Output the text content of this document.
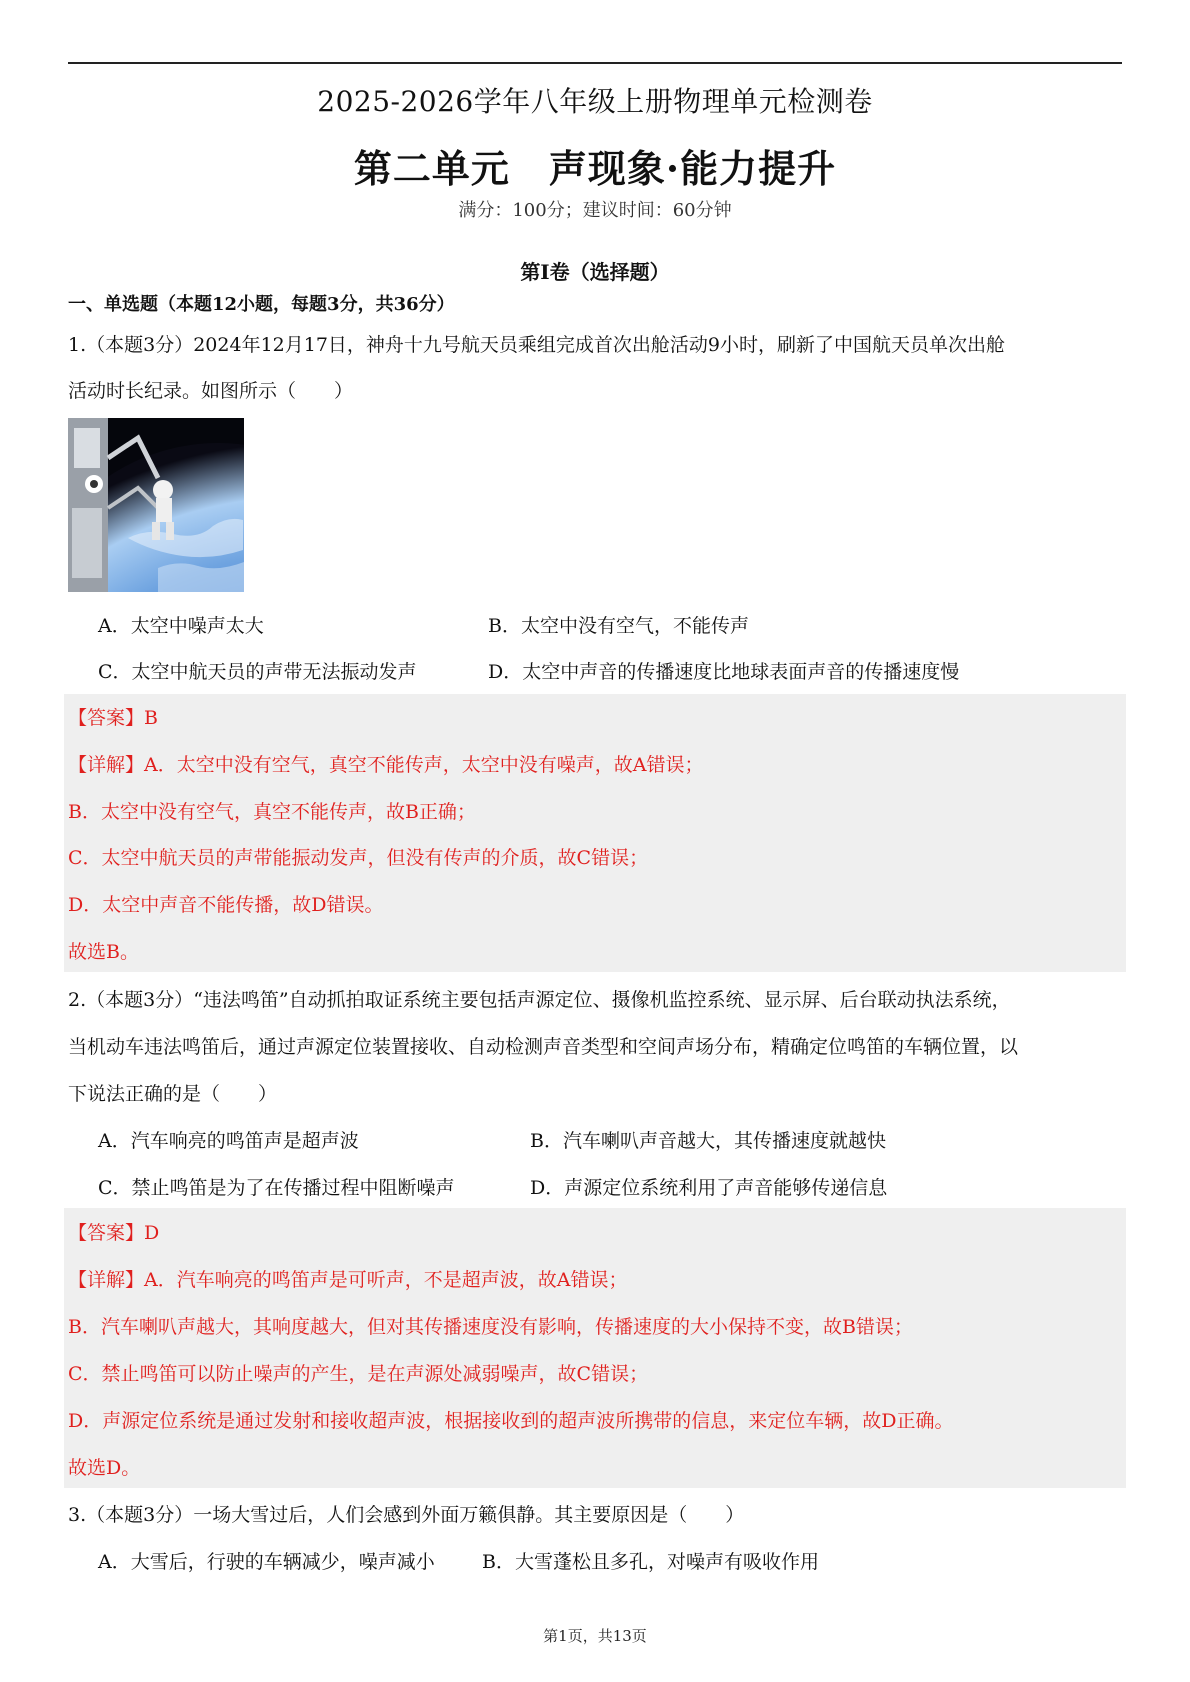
2025-2026学年八年级上册物理单元检测卷
第二单元　声现象·能力提升
满分：100分；建议时间：60分钟
第Ⅰ卷（选择题）
一、单选题（本题12小题，每题3分，共36分）
1.（本题3分）2024年12月17日，神舟十九号航天员乘组完成首次出舱活动9小时，刷新了中国航天员单次出舱
活动时长纪录。如图所示（　　）
A．太空中噪声太大	B．太空中没有空气，不能传声
C．太空中航天员的声带无法振动发声	D．太空中声音的传播速度比地球表面声音的传播速度慢
【答案】B
【详解】A．太空中没有空气，真空不能传声，太空中没有噪声，故A错误；
B．太空中没有空气，真空不能传声，故B正确；
C．太空中航天员的声带能振动发声，但没有传声的介质，故C错误；
D．太空中声音不能传播，故D错误。
故选B。
2.（本题3分）“违法鸣笛”自动抓拍取证系统主要包括声源定位、摄像机监控系统、显示屏、后台联动执法系统，
当机动车违法鸣笛后，通过声源定位装置接收、自动检测声音类型和空间声场分布，精确定位鸣笛的车辆位置，以
下说法正确的是（　　）
A．汽车响亮的鸣笛声是超声波	B．汽车喇叭声音越大，其传播速度就越快
C．禁止鸣笛是为了在传播过程中阻断噪声	D．声源定位系统利用了声音能够传递信息
【答案】D
【详解】A．汽车响亮的鸣笛声是可听声，不是超声波，故A错误；
B．汽车喇叭声越大，其响度越大，但对其传播速度没有影响，传播速度的大小保持不变，故B错误；
C．禁止鸣笛可以防止噪声的产生，是在声源处减弱噪声，故C错误；
D．声源定位系统是通过发射和接收超声波，根据接收到的超声波所携带的信息，来定位车辆，故D正确。
故选D。
3.（本题3分）一场大雪过后，人们会感到外面万籁俱静。其主要原因是（　　）
A．大雪后，行驶的车辆减少，噪声减小 B．大雪蓬松且多孔，对噪声有吸收作用
第1页，共13页
